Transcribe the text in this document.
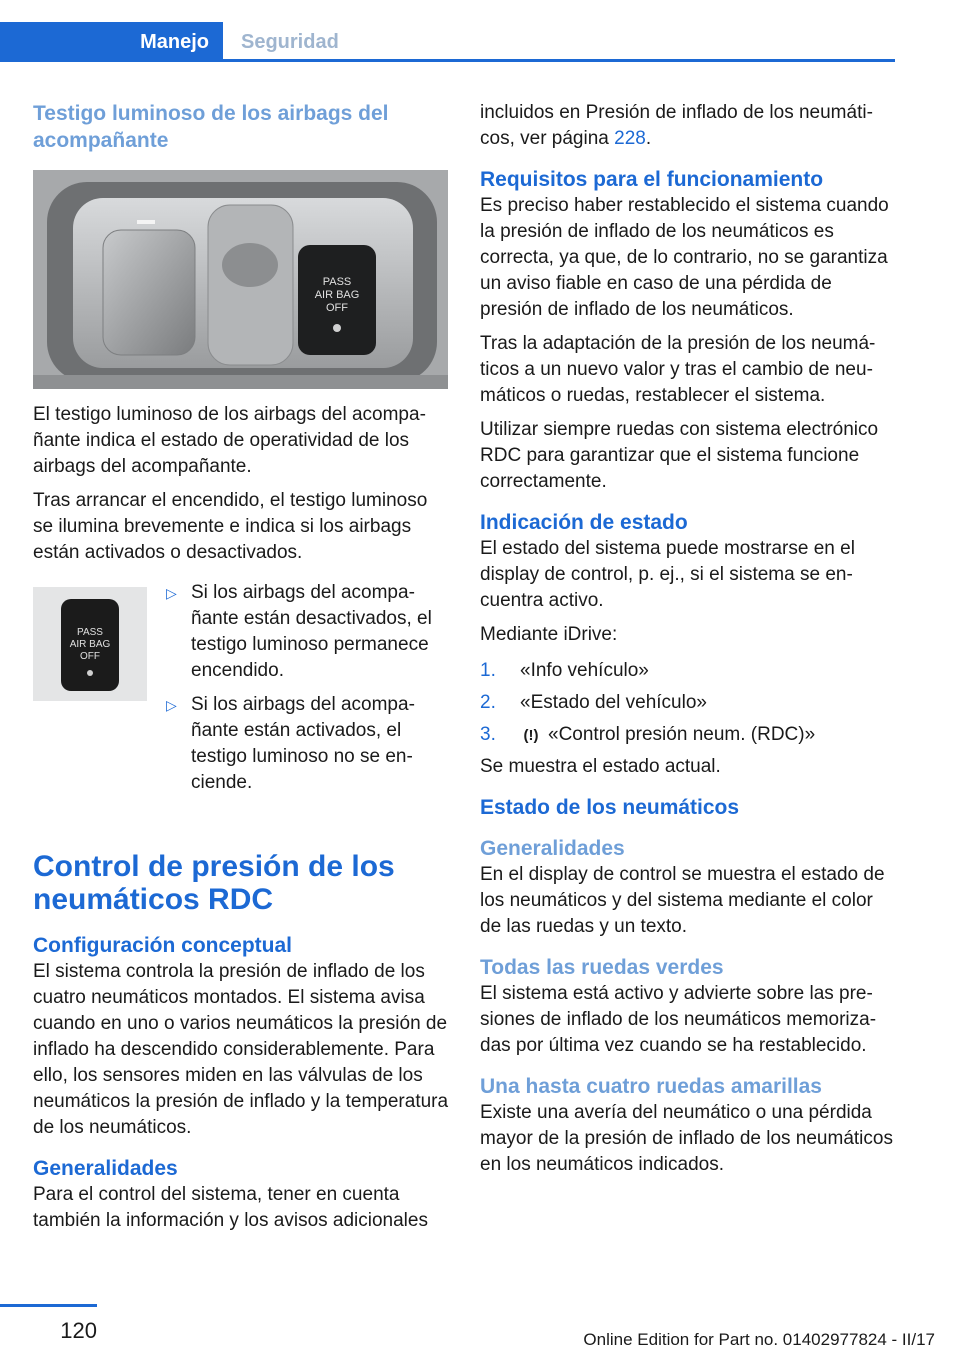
Manejo Seguridad
Testigo luminoso de los airbags del acompañante
PASS
AIR BAG
OFF

El testigo luminoso de los airbags del acompañante indica el estado de operatividad de los airbags del acompañante.

Tras arrancar el encendido, el testigo luminoso se ilumina brevemente e indica si los airbags están activados o desactivados.

PASS
AIR BAG
OFF
▷ Si los airbags del acompañante están desactivados, el testigo luminoso permanece encendido.
▷ Si los airbags del acompañante están activados, el testigo luminoso no se enciende.
Control de presión de los neumáticos RDC
Configuración conceptual

El sistema controla la presión de inflado de los cuatro neumáticos montados. El sistema avisa cuando en uno o varios neumáticos la presión de inflado ha descendido considerablemente. Para ello, los sensores miden en las válvulas de los neumáticos la presión de inflado y la temperatura de los neumáticos.

Generalidades

Para el control del sistema, tener en cuenta también la información y los avisos adicionales

incluidos en Presión de inflado de los neumáticos, ver página 228.

Requisitos para el funcionamiento

Es preciso haber restablecido el sistema cuando la presión de inflado de los neumáticos es correcta, ya que, de lo contrario, no se garantiza un aviso fiable en caso de una pérdida de presión de inflado de los neumáticos.

Tras la adaptación de la presión de los neumáticos a un nuevo valor y tras el cambio de neumáticos o ruedas, restablecer el sistema.

Utilizar siempre ruedas con sistema electrónico RDC para garantizar que el sistema funcione correctamente.

Indicación de estado

El estado del sistema puede mostrarse en el display de control, p. ej., si el sistema se encuentra activo.

Mediante iDrive:

1. «Info vehículo»
2. «Estado del vehículo»
3. (!) «Control presión neum. (RDC)»

Se muestra el estado actual.

Estado de los neumáticos
Generalidades

En el display de control se muestra el estado de los neumáticos y del sistema mediante el color de las ruedas y un texto.

Todas las ruedas verdes

El sistema está activo y advierte sobre las presiones de inflado de los neumáticos memorizadas por última vez cuando se ha restablecido.

Una hasta cuatro ruedas amarillas

Existe una avería del neumático o una pérdida mayor de la presión de inflado de los neumáticos en los neumáticos indicados.

120	Online Edition for Part no. 01402977824 - II/17
